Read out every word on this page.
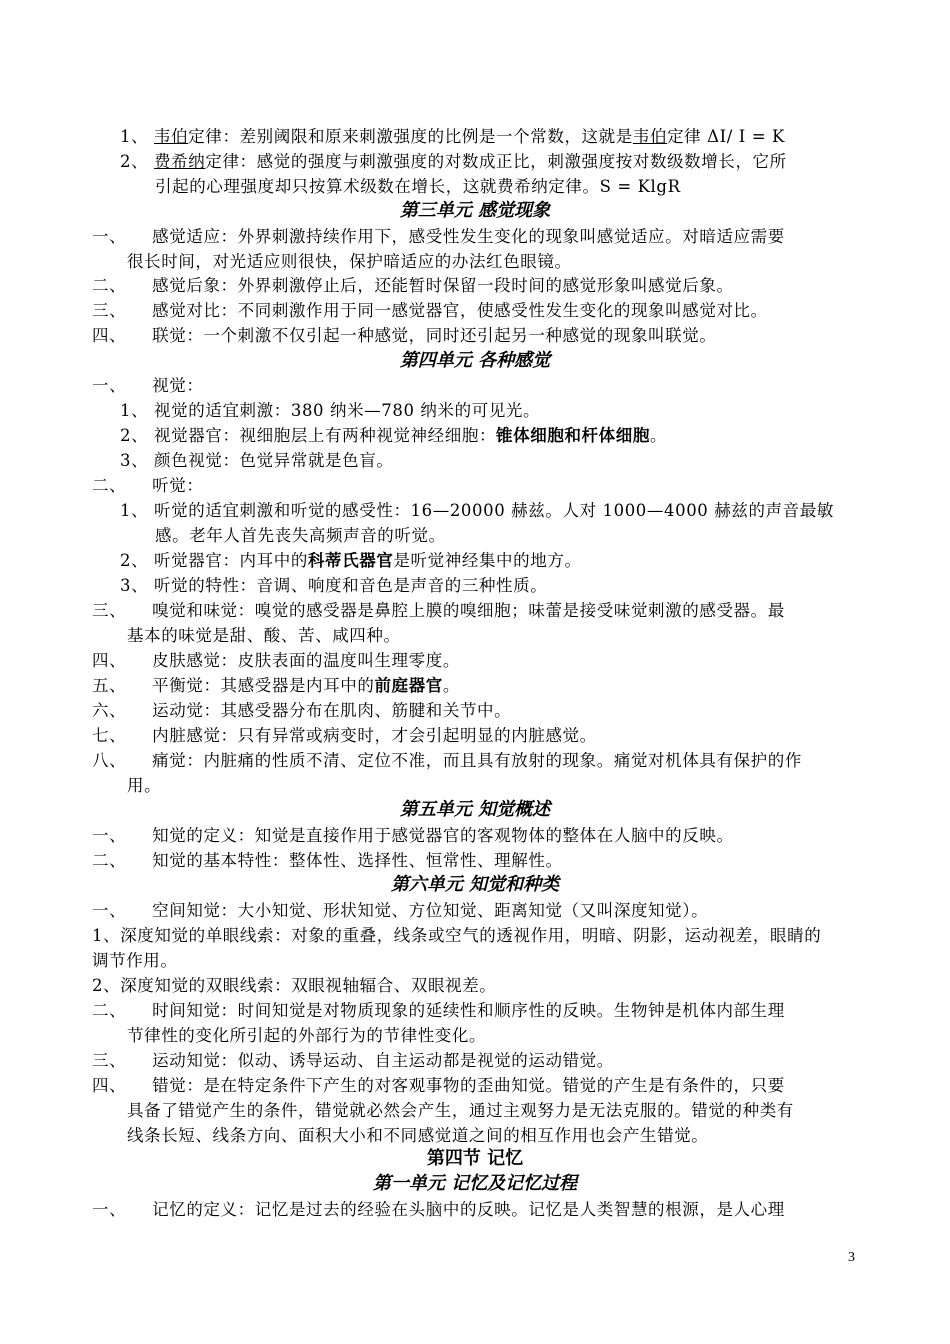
第三单元 感觉现象
第四单元 各种感觉
第五单元 知觉概述
第六单元 知觉和种类
第四节 记忆
第一单元 记忆及记忆过程
1、 韦伯定律：差别阈限和原来刺激强度的比例是一个常数，这就是韦伯定律 ΔI/ I = K
2、 费希纳定律：感觉的强度与刺激强度的对数成正比，刺激强度按对数级数增长，它所
引起的心理强度却只按算术级数在增长，这就费希纳定律。S = KlgR
一、　　感觉适应：外界刺激持续作用下，感受性发生变化的现象叫感觉适应。对暗适应需要
很长时间，对光适应则很快，保护暗适应的办法红色眼镜。
二、　　感觉后象：外界刺激停止后，还能暂时保留一段时间的感觉形象叫感觉后象。
三、　　感觉对比：不同刺激作用于同一感觉器官，使感受性发生变化的现象叫感觉对比。
四、　　联觉：一个刺激不仅引起一种感觉，同时还引起另一种感觉的现象叫联觉。
一、　　视觉：
1、 视觉的适宜刺激：380 纳米—780 纳米的可见光。
2、 视觉器官：视细胞层上有两种视觉神经细胞：锥体细胞和杆体细胞。
3、 颜色视觉：色觉异常就是色盲。
二、　　听觉：
1、 听觉的适宜刺激和听觉的感受性：16—20000 赫兹。人对 1000—4000 赫兹的声音最敏
感。老年人首先丧失高频声音的听觉。
2、 听觉器官：内耳中的科蒂氏器官是听觉神经集中的地方。
3、 听觉的特性：音调、响度和音色是声音的三种性质。
三、　　嗅觉和味觉：嗅觉的感受器是鼻腔上膜的嗅细胞；味蕾是接受味觉刺激的感受器。最
基本的味觉是甜、酸、苦、咸四种。
四、　　皮肤感觉：皮肤表面的温度叫生理零度。
五、　　平衡觉：其感受器是内耳中的前庭器官。
六、　　运动觉：其感受器分布在肌肉、筋腱和关节中。
七、　　内脏感觉：只有异常或病变时，才会引起明显的内脏感觉。
八、　　痛觉：内脏痛的性质不清、定位不准，而且具有放射的现象。痛觉对机体具有保护的作
用。
一、　　知觉的定义：知觉是直接作用于感觉器官的客观物体的整体在人脑中的反映。
二、　　知觉的基本特性：整体性、选择性、恒常性、理解性。
一、　　空间知觉：大小知觉、形状知觉、方位知觉、距离知觉（又叫深度知觉）。
1、深度知觉的单眼线索：对象的重叠，线条或空气的透视作用，明暗、阴影，运动视差，眼睛的
调节作用。
2、深度知觉的双眼线索：双眼视轴辐合、双眼视差。
二、　　时间知觉：时间知觉是对物质现象的延续性和顺序性的反映。生物钟是机体内部生理
节律性的变化所引起的外部行为的节律性变化。
三、　　运动知觉：似动、诱导运动、自主运动都是视觉的运动错觉。
四、　　错觉：是在特定条件下产生的对客观事物的歪曲知觉。错觉的产生是有条件的，只要
具备了错觉产生的条件，错觉就必然会产生，通过主观努力是无法克服的。错觉的种类有
线条长短、线条方向、面积大小和不同感觉道之间的相互作用也会产生错觉。
一、　　记忆的定义：记忆是过去的经验在头脑中的反映。记忆是人类智慧的根源，是人心理
3
